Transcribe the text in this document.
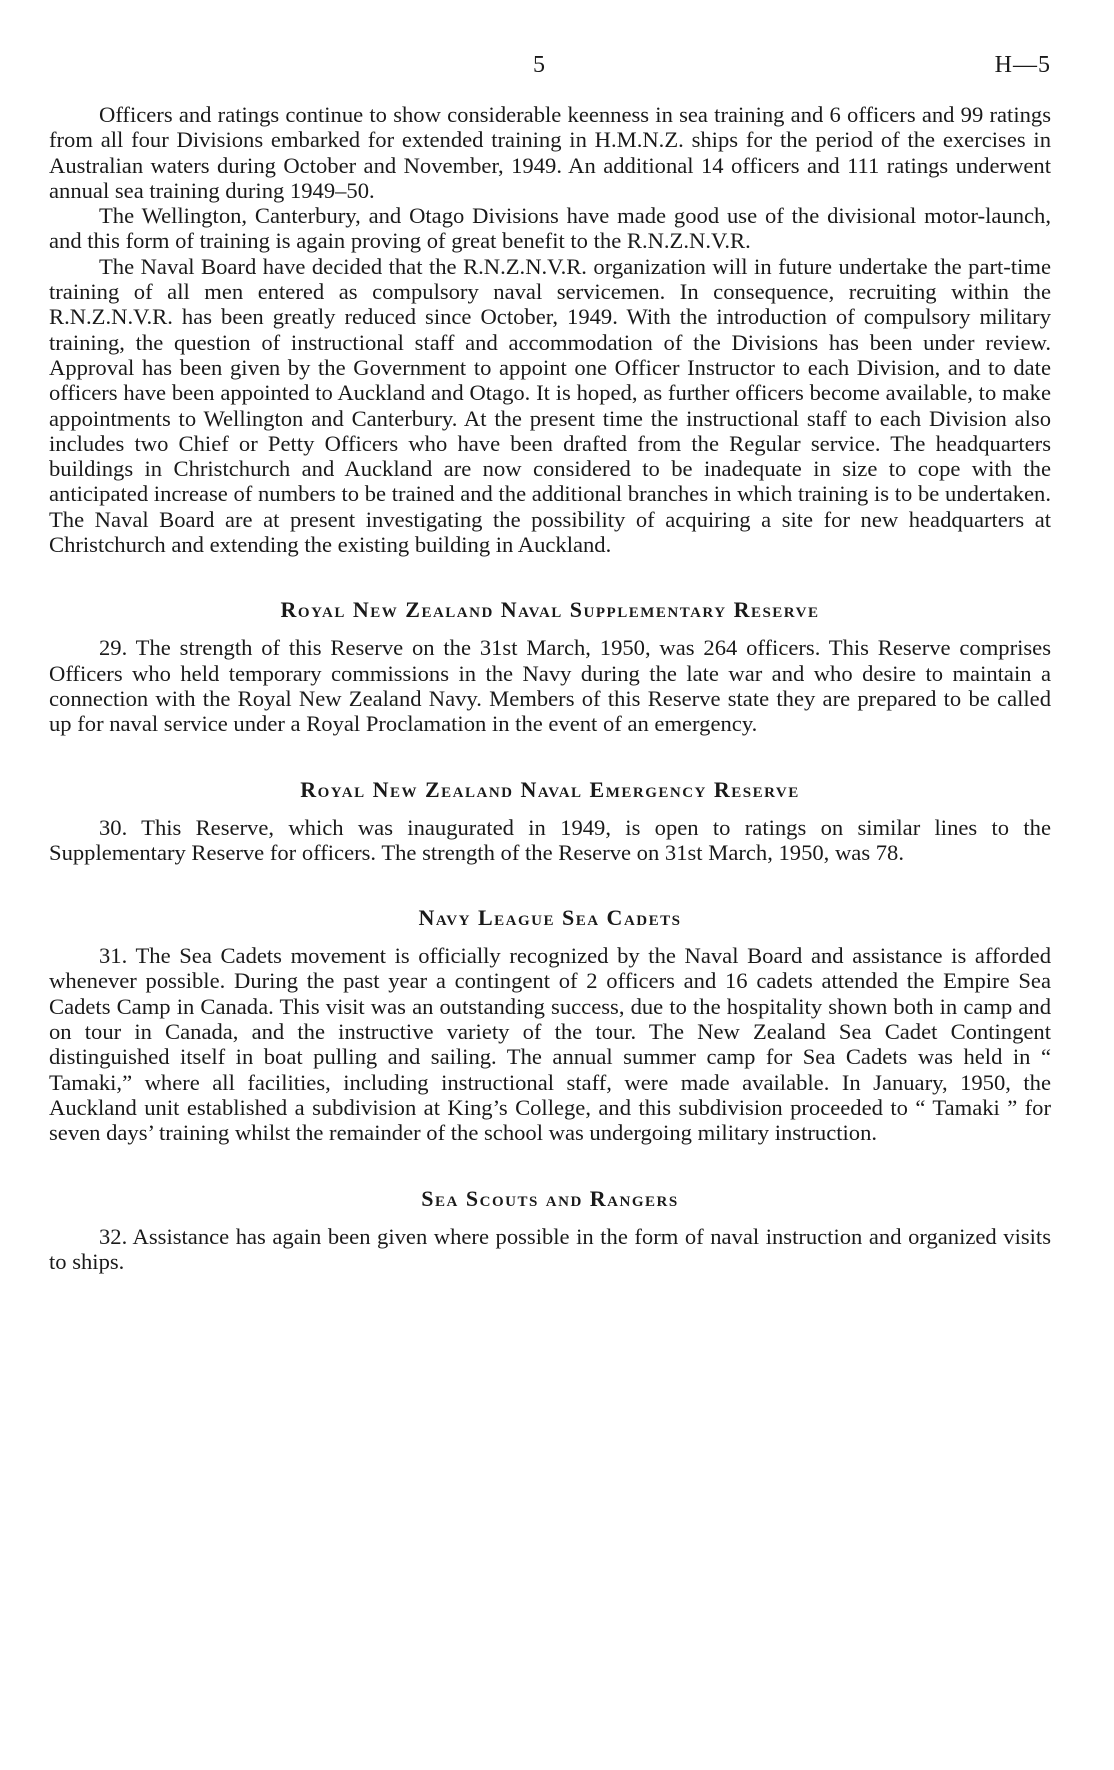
5	H—5

Officers and ratings continue to show considerable keenness in sea training and 6 officers and 99 ratings from all four Divisions embarked for extended training in H.M.N.Z. ships for the period of the exercises in Australian waters during October and November, 1949. An additional 14 officers and 111 ratings underwent annual sea training during 1949–50.

The Wellington, Canterbury, and Otago Divisions have made good use of the divisional motor-launch, and this form of training is again proving of great benefit to the R.N.Z.N.V.R.

The Naval Board have decided that the R.N.Z.N.V.R. organization will in future undertake the part-time training of all men entered as compulsory naval servicemen. In consequence, recruiting within the R.N.Z.N.V.R. has been greatly reduced since October, 1949. With the introduction of compulsory military training, the question of instructional staff and accommodation of the Divisions has been under review. Approval has been given by the Government to appoint one Officer Instructor to each Division, and to date officers have been appointed to Auckland and Otago. It is hoped, as further officers become available, to make appointments to Wellington and Canterbury. At the present time the instructional staff to each Division also includes two Chief or Petty Officers who have been drafted from the Regular service. The headquarters buildings in Christchurch and Auckland are now considered to be inadequate in size to cope with the anticipated increase of numbers to be trained and the additional branches in which training is to be undertaken. The Naval Board are at present investigating the possibility of acquiring a site for new headquarters at Christchurch and extending the existing building in Auckland.

Royal New Zealand Naval Supplementary Reserve

29. The strength of this Reserve on the 31st March, 1950, was 264 officers. This Reserve comprises Officers who held temporary commissions in the Navy during the late war and who desire to maintain a connection with the Royal New Zealand Navy. Members of this Reserve state they are prepared to be called up for naval service under a Royal Proclamation in the event of an emergency.

Royal New Zealand Naval Emergency Reserve

30. This Reserve, which was inaugurated in 1949, is open to ratings on similar lines to the Supplementary Reserve for officers. The strength of the Reserve on 31st March, 1950, was 78.

Navy League Sea Cadets

31. The Sea Cadets movement is officially recognized by the Naval Board and assistance is afforded whenever possible. During the past year a contingent of 2 officers and 16 cadets attended the Empire Sea Cadets Camp in Canada. This visit was an outstanding success, due to the hospitality shown both in camp and on tour in Canada, and the instructive variety of the tour. The New Zealand Sea Cadet Contingent distinguished itself in boat pulling and sailing. The annual summer camp for Sea Cadets was held in “ Tamaki,” where all facilities, including instructional staff, were made available. In January, 1950, the Auckland unit established a subdivision at King’s College, and this subdivision proceeded to “ Tamaki ” for seven days’ training whilst the remainder of the school was undergoing military instruction.

Sea Scouts and Rangers

32. Assistance has again been given where possible in the form of naval instruction and organized visits to ships.
